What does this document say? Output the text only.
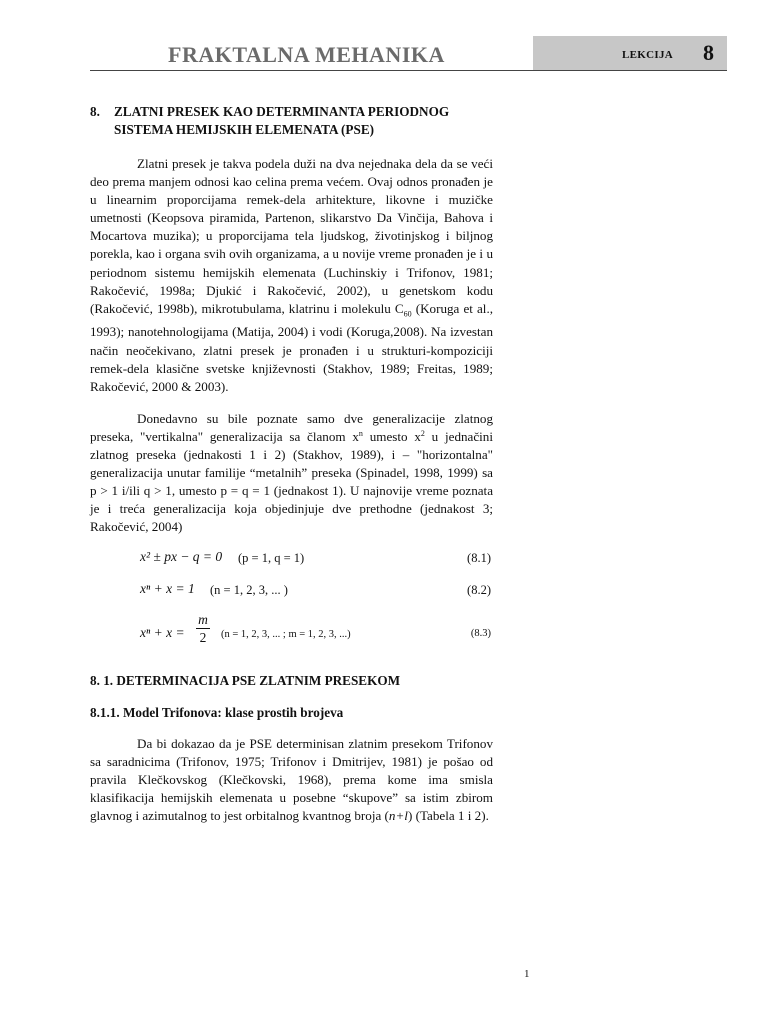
FRAKTALNA MEHANIKA	LEKCIJA 8
8.	ZLATNI PRESEK KAO DETERMINANTA PERIODNOG SISTEMA HEMIJSKIH ELEMENATA (PSE)

Zlatni presek je takva podela duži na dva nejednaka dela da se veći deo prema manjem odnosi kao celina prema većem. Ovaj odnos pronađen je u linearnim proporcijama remek-dela arhitekture, likovne i muzičke umetnosti (Keopsova piramida, Partenon, slikarstvo Da Vinčija, Bahova i Mocartova muzika); u proporcijama tela ljudskog, životinjskog i biljnog porekla, kao i organa svih ovih organizama, a u novije vreme pronađen je i u periodnom sistemu hemijskih elemenata (Luchinskiy i Trifonov, 1981; Rakočević, 1998a; Djukić i Rakočević, 2002), u genetskom kodu (Rakočević, 1998b), mikrotubulama, klatrinu i molekulu $C_{60}$ (Koruga et al., 1993); nanotehnologijama (Matija, 2004) i vodi (Koruga,2008). Na izvestan način neočekivano, zlatni presek je pronađen i u strukturi-kompoziciji remek-dela klasične svetske književnosti (Stakhov, 1989; Freitas, 1989; Rakočević, 2000 & 2003).

Donedavno su bile poznate samo dve generalizacije zlatnog preseka, "vertikalna" generalizacija sa članom $x^n$ umesto $x^2$ u jednačini zlatnog preseka (jednakosti 1 i 2) (Stakhov, 1989), i – "horizontalna" generalizacija unutar familije “metalnih” preseka (Spinadel, 1998, 1999) sa p > 1 i/ili q > 1, umesto p = q = 1 (jednakost 1). U najnovije vreme poznata je i treća generalizacija koja objedinjuje dve prethodne (jednakost 3; Rakočević, 2004)

x² ± px − q = 0 (p = 1, q = 1)	(8.1)
xⁿ + x = 1 (n = 1, 2, 3, ... )	(8.2)
$x^n + x = \frac{m}{2} (n = 1$, 2, 3, ... ; m = 1, 2, 3, ...)	(8.3)
8. 1. DETERMINACIJA PSE ZLATNIM PRESEKOM
8.1.1. Model Trifonova: klase prostih brojeva

Da bi dokazao da je PSE determinisan zlatnim presekom Trifonov sa saradnicima (Trifonov, 1975; Trifonov i Dmitrijev, 1981) je pošao od pravila Klečkovskog (Klečkovski, 1968), prema kome ima smisla klasifikacija hemijskih elemenata u posebne “skupove” sa istim zbirom glavnog i azimutalnog to jest orbitalnog kvantnog broja (n+l) (Tabela 1 i 2).

1
